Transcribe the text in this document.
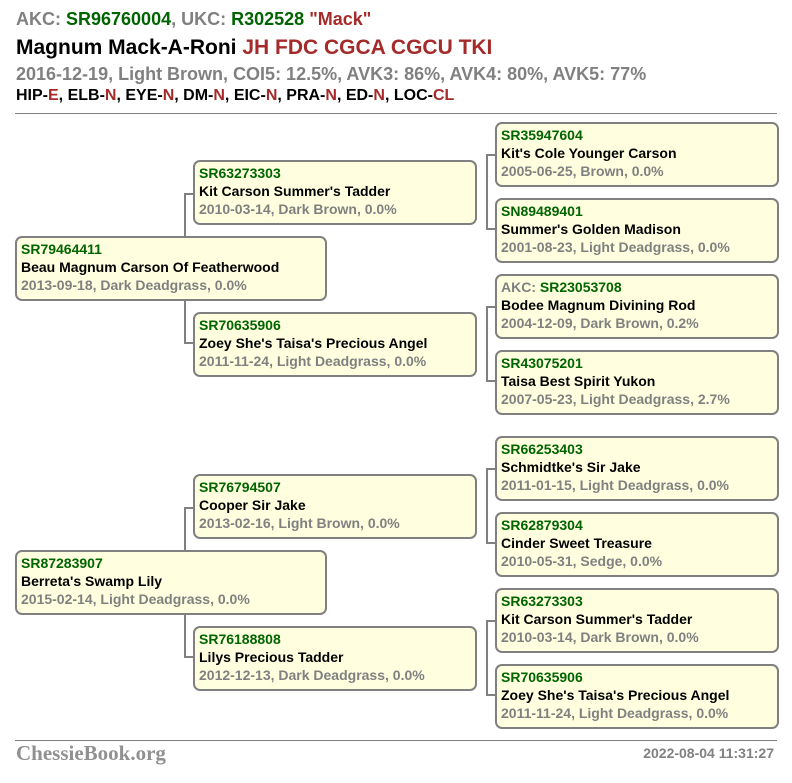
AKC: SR96760004, UKC: R302528 "Mack"
Magnum Mack-A-Roni JH FDC CGCA CGCU TKI
2016-12-19, Light Brown, COI5: 12.5%, AVK3: 86%, AVK4: 80%, AVK5: 77%
HIP-E, ELB-N, EYE-N, DM-N, EIC-N, PRA-N, ED-N, LOC-CL
SR79464411
Beau Magnum Carson Of Featherwood
2013-09-18, Dark Deadgrass, 0.0%
SR87283907
Berreta's Swamp Lily
2015-02-14, Light Deadgrass, 0.0%
SR63273303
Kit Carson Summer's Tadder
2010-03-14, Dark Brown, 0.0%
SR70635906
Zoey She's Taisa's Precious Angel
2011-11-24, Light Deadgrass, 0.0%
SR76794507
Cooper Sir Jake
2013-02-16, Light Brown, 0.0%
SR76188808
Lilys Precious Tadder
2012-12-13, Dark Deadgrass, 0.0%
SR35947604
Kit's Cole Younger Carson
2005-06-25, Brown, 0.0%
SN89489401
Summer's Golden Madison
2001-08-23, Light Deadgrass, 0.0%
AKC: SR23053708
Bodee Magnum Divining Rod
2004-12-09, Dark Brown, 0.2%
SR43075201
Taisa Best Spirit Yukon
2007-05-23, Light Deadgrass, 2.7%
SR66253403
Schmidtke's Sir Jake
2011-01-15, Light Deadgrass, 0.0%
SR62879304
Cinder Sweet Treasure
2010-05-31, Sedge, 0.0%
SR63273303
Kit Carson Summer's Tadder
2010-03-14, Dark Brown, 0.0%
SR70635906
Zoey She's Taisa's Precious Angel
2011-11-24, Light Deadgrass, 0.0%
ChessieBook.org	2022-08-04 11:31:27
